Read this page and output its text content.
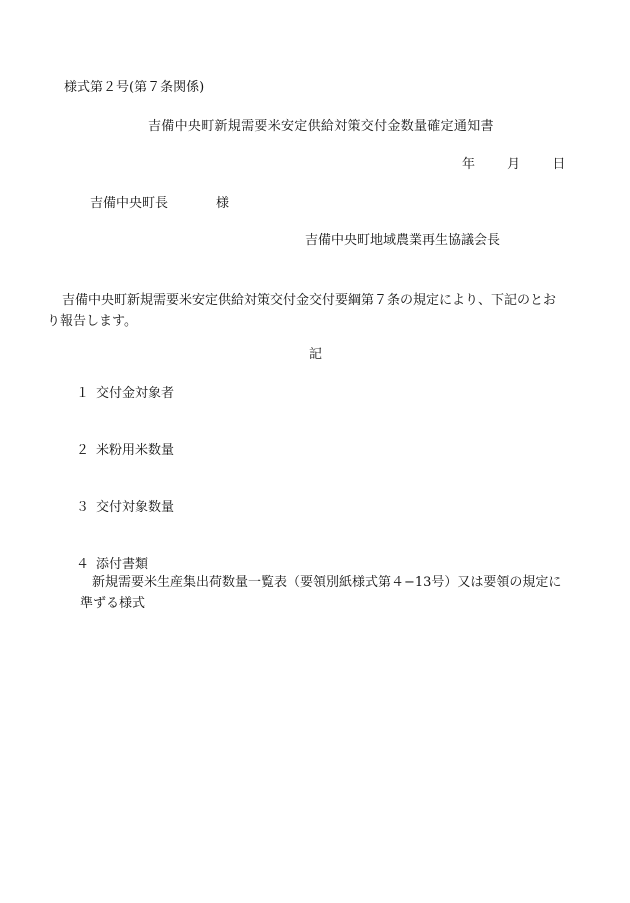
様式第２号(第７条関係)
吉備中央町新規需要米安定供給対策交付金数量確定通知書
年 月 日
吉備中央町長	様
吉備中央町地域農業再生協議会長

吉備中央町新規需要米安定供給対策交付金交付要綱第７条の規定により、下記のとおり報告します。

記
１ 交付金対象者
２ 米粉用米数量
３ 交付対象数量
４ 添付書類

新規需要米生産集出荷数量一覧表（要領別紙様式第４−13号）又は要領の規定に準ずる様式
